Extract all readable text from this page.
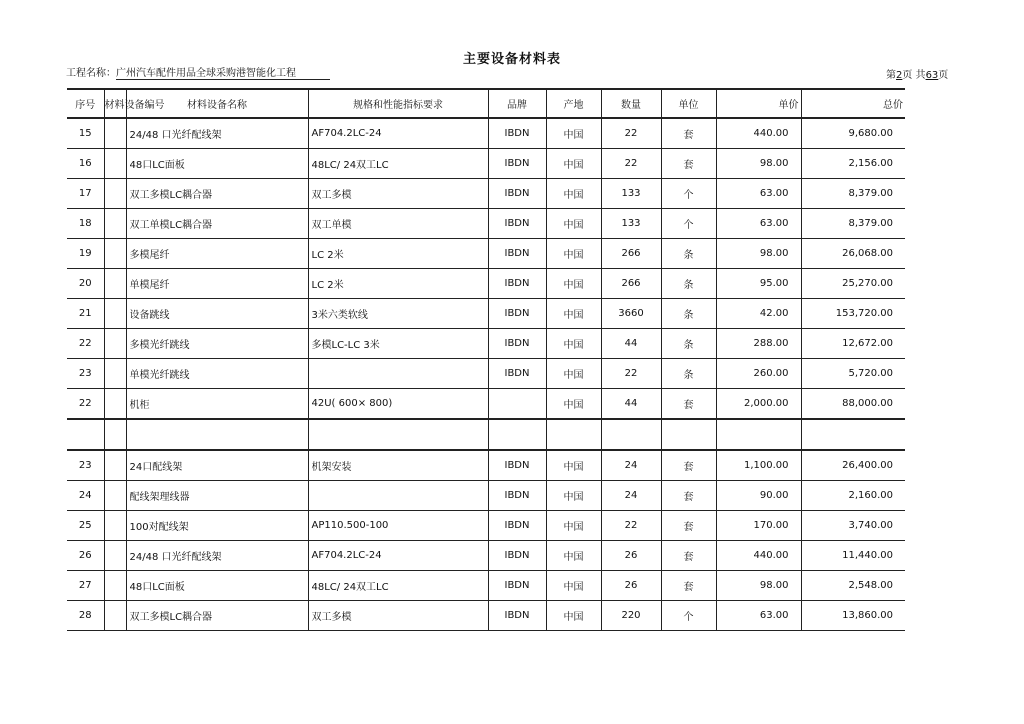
主要设备材料表
工程名称：广州汽车配件用品全球采购港智能化工程	第2页 共63页
序号	材料设备编号	材料设备名称	规格和性能指标要求	品牌	产地	数量	单位	单价	总价
15		24/48 口光纤配线架	AF704.2LC-24	IBDN	中国	22	套	440.00	9,680.00
16		48口LC面板	48LC/ 24双工LC	IBDN	中国	22	套	98.00	2,156.00
17		双工多模LC耦合器	双工多模	IBDN	中国	133	个	63.00	8,379.00
18		双工单模LC耦合器	双工单模	IBDN	中国	133	个	63.00	8,379.00
19		多模尾纤	LC 2米	IBDN	中国	266	条	98.00	26,068.00
20		单模尾纤	LC 2米	IBDN	中国	266	条	95.00	25,270.00
21		设备跳线	3米六类软线	IBDN	中国	3660	条	42.00	153,720.00
22		多模光纤跳线	多模LC-LC 3米	IBDN	中国	44	条	288.00	12,672.00
23		单模光纤跳线		IBDN	中国	22	条	260.00	5,720.00
22		机柜	42U( 600× 800)		中国	44	套	2,000.00	88,000.00

23		24口配线架	机架安装	IBDN	中国	24	套	1,100.00	26,400.00
24		配线架理线器		IBDN	中国	24	套	90.00	2,160.00
25		100对配线架	AP110.500-100	IBDN	中国	22	套	170.00	3,740.00
26		24/48 口光纤配线架	AF704.2LC-24	IBDN	中国	26	套	440.00	11,440.00
27		48口LC面板	48LC/ 24双工LC	IBDN	中国	26	套	98.00	2,548.00
28		双工多模LC耦合器	双工多模	IBDN	中国	220	个	63.00	13,860.00
